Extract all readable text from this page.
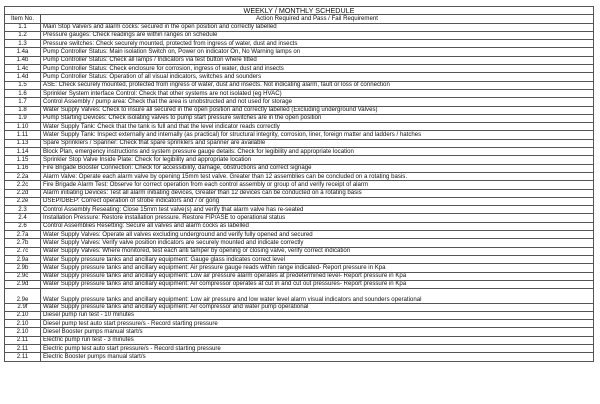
WEEKLY / MONTHLY SCHEDULE	
Item No.	Action Required and Pass / Fail Requirement
1.1	Main Stop Valve/s and alarm cocks: secured in the open position and correctly labelled
1.2	Pressure gauges: Check readings are within ranges on schedule
1.3	Pressure switches: Check securely mounted, protected from ingress of water, dust and insects
1.4a	Pump Controller Status: Main isolation Switch on, Power on indicator On, No Warning lamps on
1.4b	Pump Controller Status: Check all lamps / Indicators via test button where fitted
1.4c	Pump Controller Status: Check enclosure for corrosion, ingress of water, dust and insects
1.4d	Pump Controller Status: Operation of all visual indicators, switches and sounders
1.5	ASE: Check securely mounted, protected from ingress of water, dust and insects. Not indicating alarm, fault or loss of connection
1.6	Sprinkler System interface Control: Check that other systems are not isolated (eg HVAC)
1.7	Control Assembly / pump area: Check that the area is unobstructed and not used for storage
1.8	Water Supply Valves: Check to insure all secured in the open position and correctly labelled (Excluding underground Valves)
1.9	Pump Starting Devices: Check isolating valves to pump start pressure switches are in the open position
1.10	Water Supply Tank: Check that the tank is full and that the level indicator reads correctly
1.11	Water Supply Tank: Inspect externally and internally (as practical) for structural integrity, corrosion, liner, foreign matter and ladders / hatches
1.13	Spare Sprinklers / Spanner: Check that spare sprinklers and spanner are available
1.14	Block Plan, emergency instructions and system pressure gauge details: Check for legibility and appropriate location
1.15	Sprinkler Stop Valve Inside Plate: Check for legibility and appropriate location
1.16	Fire Brigade Booster Connection: Check for accessibility, damage, obstructions and correct signage
2.2a	Alarm Valve: Operate each alarm valve by opening 15mm test valve. Greater than 12 assemblies can be concluded on a rotating basis.
2.2c	Fire Brigade Alarm Test: Observe for correct operation from each control assembly or group of and verify receipt of alarm
2.2d	Alarm initiating Devices: Test all alarm initiating devices, Greater than 12 devices can be conducted on a rotating basis
2.2e	DSEP/DBEP: Correct operation of strobe indicators and / or gong
2.3	Control Assembly Reseating: Close 15mm test valve(s) and verify that alarm valve has re-seated
2.4	Installation Pressure: Restore installation pressure. Restore FIP/ASE to operational status
2.6	Control Assemblies Resetting: Secure all valves and alarm cocks as labelled
2.7a	Water Supply Valves: Operate all valves excluding underground and verify fully opened and secured
2.7b	Water Supply Valves: Verify valve position indicators are securely mounted and indicate correctly
2.7c	Water Supply Valves: Where monitored, test each anti tamper by opening or closing valve, verify correct indication
2.9a	Water Supply pressure tanks and ancillary equipment: Gauge glass indicates correct level
2.9b	Water Supply pressure tanks and ancillary equipment: Air pressure gauge reads within range indicated- Report pressure in Kpa
2.9c	Water Supply pressure tanks and ancillary equipment: Low air pressure alarm operates at predetermined level- Report pressure in Kpa
2.9d	Water Supply pressure tanks and ancillary equipment: Air compressor operates at cut in and cut out pressures- Report pressure in Kpa
2.9e	Water Supply pressure tanks and ancillary equipment: Low air pressure and low water level alarm visual indicators and sounders operational
2.9f	Water Supply pressure tanks and ancillary equipment: Air compressor and water pump operational
2.10	Diesel pump run test - 10 minutes
2.10	Diesel pump test auto start pressure/s - Record starting pressure
2.10	Diesel Booster pumps manual start/s
2.11	Electric pump run test - 3 minutes
2.11	Electric pump test auto start pressure/s - Record starting pressure
2.11	Electric Booster pumps manual start/s
